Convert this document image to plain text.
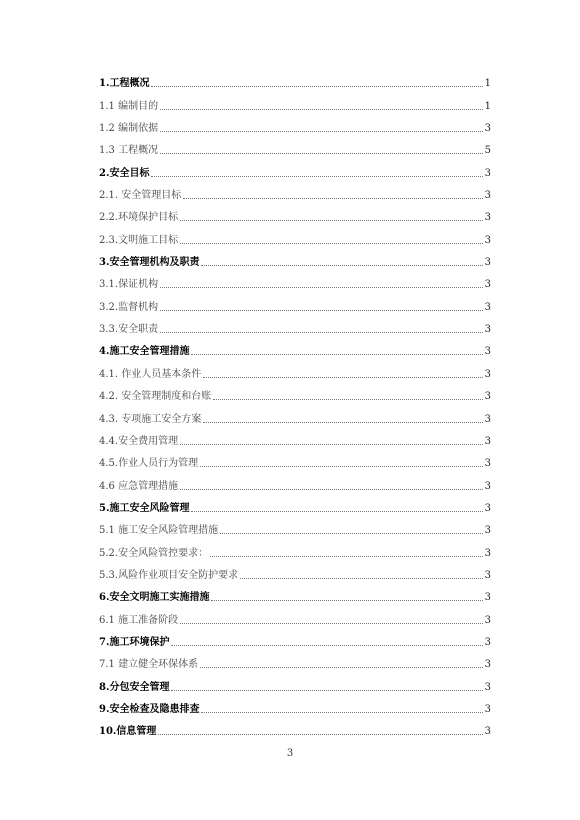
1.工程概况	1
1.1 编制目的	1
1.2 编制依据	3
1.3 工程概况	5
2.安全目标	3
2.1. 安全管理目标	3
2.2.环境保护目标	3
2.3.文明施工目标	3
3.安全管理机构及职责	3
3.1.保证机构	3
3.2.监督机构	3
3.3.安全职责	3
4.施工安全管理措施	3
4.1. 作业人员基本条件	3
4.2. 安全管理制度和台账	3
4.3. 专项施工安全方案	3
4.4.安全费用管理	3
4.5.作业人员行为管理	3
4.6 应急管理措施	3
5.施工安全风险管理	3
5.1 施工安全风险管理措施	3
5.2.安全风险管控要求：	3
5.3.风险作业项目安全防护要求	3
6.安全文明施工实施措施	3
6.1 施工准备阶段	3
7.施工环境保护	3
7.1 建立健全环保体系	3
8.分包安全管理	3
9.安全检查及隐患排查	3
10.信息管理	3
3
